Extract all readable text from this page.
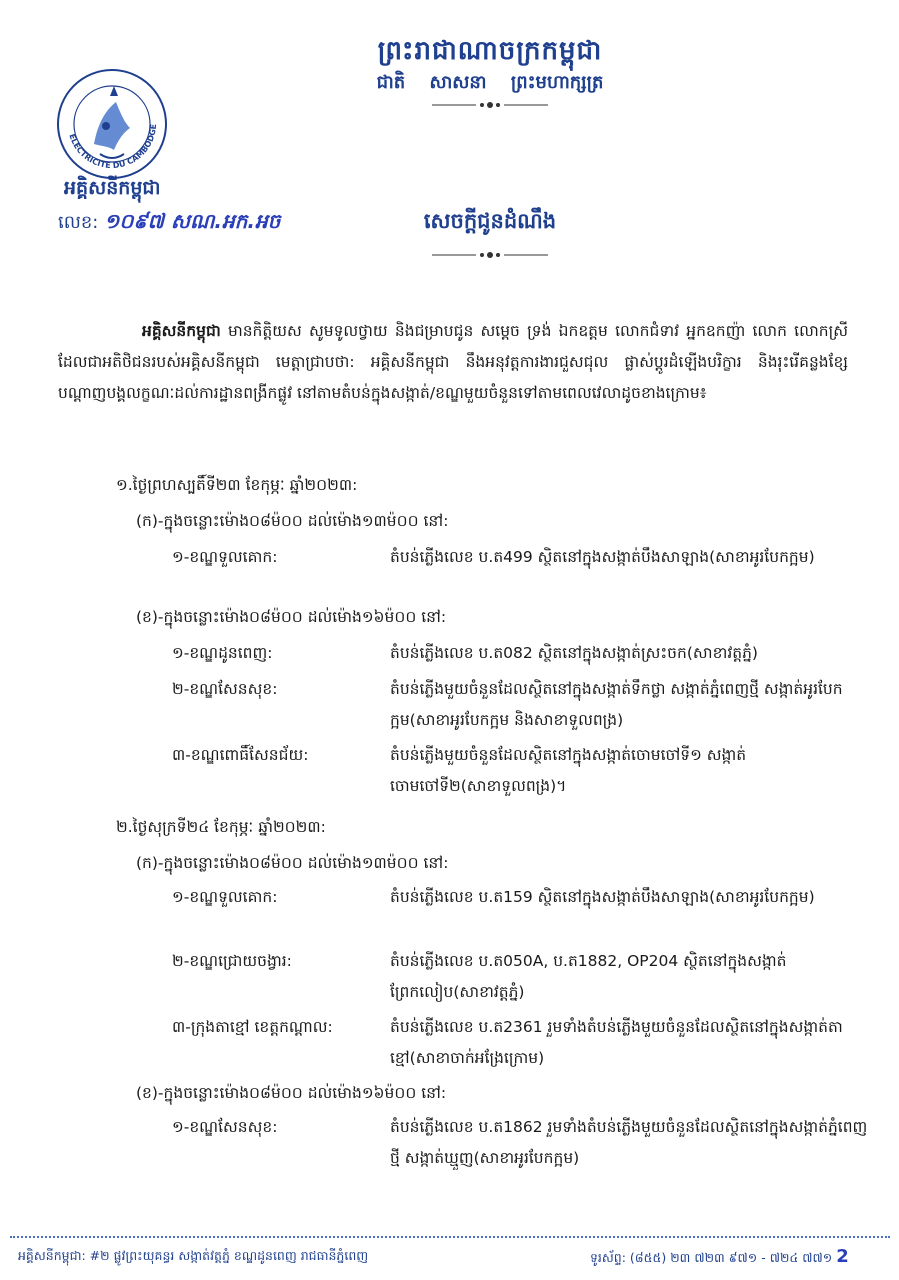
ព្រះរាជាណាចក្រកម្ពុជា
ជាតិ សាសនា ព្រះមហាក្សត្រ
ELECTRICITE DU CAMBODGE
អគ្គិសនីកម្ពុជា
លេខ: ១០៩៧ សណ.អក.អច	សេចក្តីជូនដំណឹង
អគ្គិសនីកម្ពុជា មានកិត្តិយស សូមទូលថ្វាយ និងជម្រាបជូន សម្តេច ទ្រង់ ឯកឧត្តម លោកជំទាវ អ្នកឧកញ៉ា លោក លោកស្រី ដែលជាអតិថិជនរបស់អគ្គិសនីកម្ពុជា មេត្តាជ្រាបថា: អគ្គិសនីកម្ពុជា នឹងអនុវត្តការងារជួសជុល ផ្លាស់ប្តូរដំឡើងបរិក្ខារ និងរុះរើគន្លងខ្សែបណ្តាញបង្គលក្ខណៈដល់ការដ្ឋានពង្រីកផ្លូវ នៅតាមតំបន់ក្នុងសង្កាត់/ខណ្ឌមួយចំនួនទៅតាមពេលវេលាដូចខាងក្រោម៖
១.ថ្ងៃព្រហស្បតិ៍ទី២៣ ខែកុម្ភៈ ឆ្នាំ២០២៣:
(ក)-ក្នុងចន្លោះម៉ោង០៨ម៉០០ ដល់ម៉ោង១៣ម៉០០ នៅ:
១-ខណ្ឌទួលគោក:	តំបន់ភ្លើងលេខ ប.ត499 ស្ថិតនៅក្នុងសង្កាត់បឹងសាឡាង(សាខាអូរបែកក្អម)
(ខ)-ក្នុងចន្លោះម៉ោង០៨ម៉០០ ដល់ម៉ោង១៦ម៉០០ នៅ:
១-ខណ្ឌដូនពេញ:	តំបន់ភ្លើងលេខ ប.ត082 ស្ថិតនៅក្នុងសង្កាត់ស្រះចក(សាខាវត្តភ្នំ)
២-ខណ្ឌសែនសុខ:	តំបន់ភ្លើងមួយចំនួនដែលស្ថិតនៅក្នុងសង្កាត់ទឹកថ្លា សង្កាត់ភ្នំពេញថ្មី សង្កាត់អូរបែកក្អម(សាខាអូរបែកក្អម និងសាខាទួលពង្រ)
៣-ខណ្ឌពោធិ៍សែនជ័យ:	តំបន់ភ្លើងមួយចំនួនដែលស្ថិតនៅក្នុងសង្កាត់ចោមចៅទី១ សង្កាត់ចោមចៅទី២(សាខាទួលពង្រ)។
២.ថ្ងៃសុក្រទី២៤ ខែកុម្ភៈ ឆ្នាំ២០២៣:
(ក)-ក្នុងចន្លោះម៉ោង០៨ម៉០០ ដល់ម៉ោង១៣ម៉០០ នៅ:
១-ខណ្ឌទួលគោក:	តំបន់ភ្លើងលេខ ប.ត159 ស្ថិតនៅក្នុងសង្កាត់បឹងសាឡាង(សាខាអូរបែកក្អម)
២-ខណ្ឌជ្រោយចង្វារ:	តំបន់ភ្លើងលេខ ប.ត050A, ប.ត1882, OP204 ស្ថិតនៅក្នុងសង្កាត់ព្រែកលៀប(សាខាវត្តភ្នំ)
៣-ក្រុងតាខ្មៅ ខេត្តកណ្តាល:	តំបន់ភ្លើងលេខ ប.ត2361 រួមទាំងតំបន់ភ្លើងមួយចំនួនដែលស្ថិតនៅក្នុងសង្កាត់តាខ្មៅ(សាខាចាក់អង្រែក្រោម)
(ខ)-ក្នុងចន្លោះម៉ោង០៨ម៉០០ ដល់ម៉ោង១៦ម៉០០ នៅ:
១-ខណ្ឌសែនសុខ:	តំបន់ភ្លើងលេខ ប.ត1862 រួមទាំងតំបន់ភ្លើងមួយចំនួនដែលស្ថិតនៅក្នុងសង្កាត់ភ្នំពេញថ្មី សង្កាត់ឃ្មួញ(សាខាអូរបែកក្អម)
អគ្គិសនីកម្ពុជា: #២ ផ្លូវព្រះយុគន្ធរ សង្កាត់វត្តភ្នំ ខណ្ឌដូនពេញ រាជធានីភ្នំពេញ	ទូរស័ព្ទ: (៨៥៥) ២៣ ៧២៣ ៩៧១ - ៧២៤ ៧៧១ 2
